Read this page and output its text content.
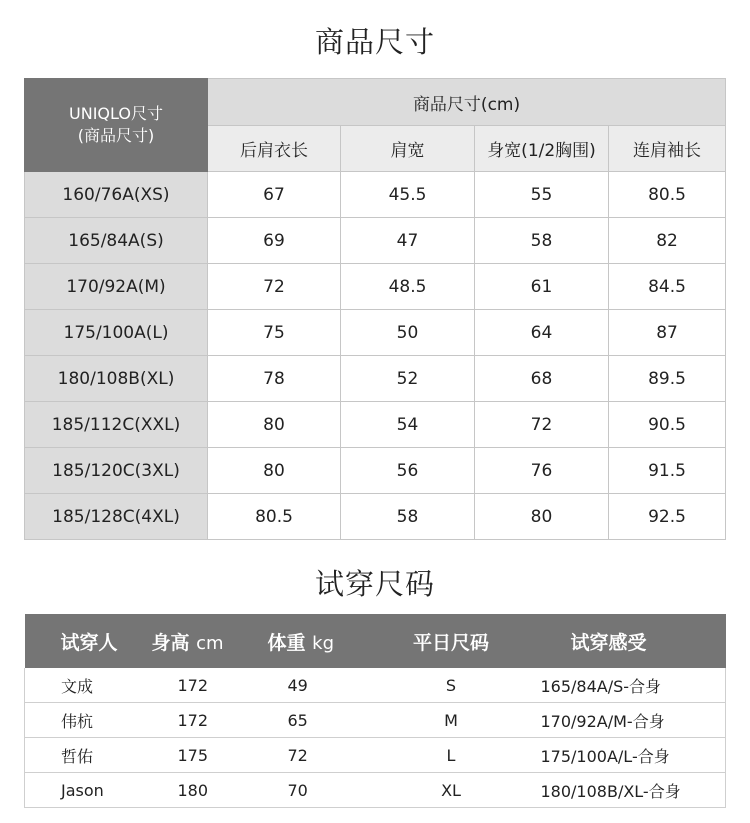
商品尺寸
UNIQLO尺寸
(商品尺寸)	商品尺寸(cm)			
	后肩衣长	肩宽	身宽(1/2胸围)	连肩袖长
160/76A(XS)	67	45.5	55	80.5
165/84A(S)	69	47	58	82
170/92A(M)	72	48.5	61	84.5
175/100A(L)	75	50	64	87
180/108B(XL)	78	52	68	89.5
185/112C(XXL)	80	54	72	90.5
185/120C(3XL)	80	56	76	91.5
185/128C(4XL)	80.5	58	80	92.5
试穿尺码
试穿人	身高 cm	体重 kg	平日尺码	试穿感受
文成	172	49	S	165/84A/S-合身
伟杭	172	65	M	170/92A/M-合身
哲佑	175	72	L	175/100A/L-合身
Jason	180	70	XL	180/108B/XL-合身
